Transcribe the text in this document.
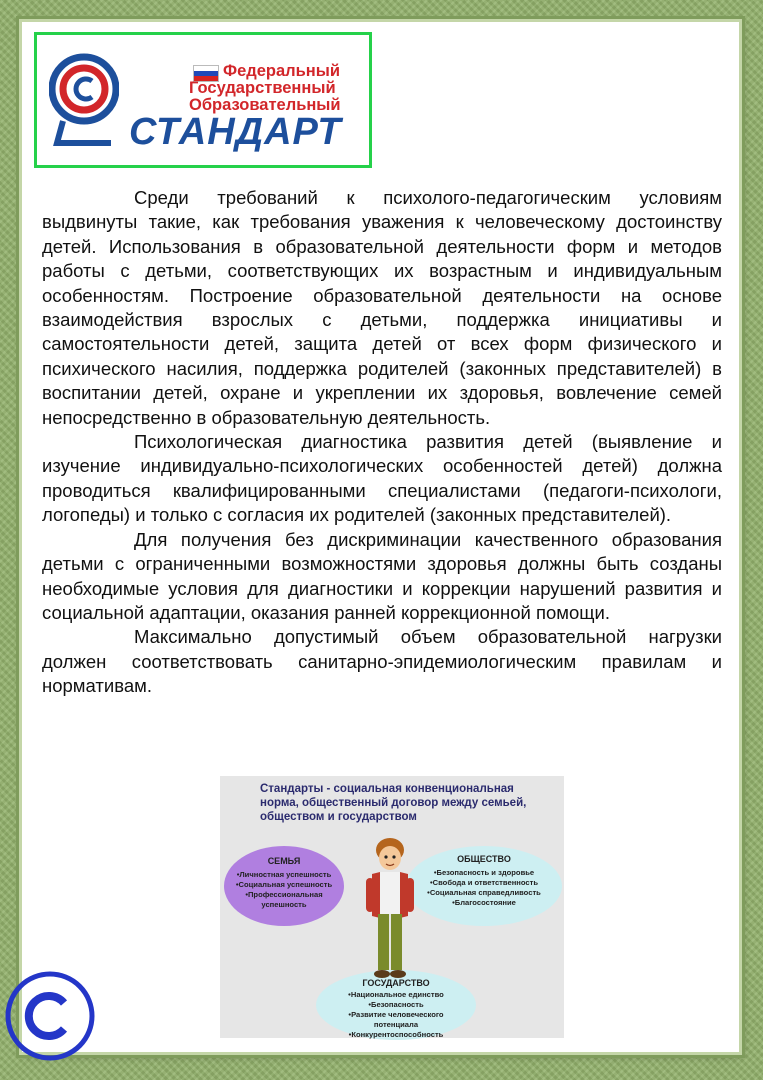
Федеральный
Государственный
Образовательный
СТАНДАРТ

Среди требований к психолого-педагогическим условиям выдвинуты такие, как требования уважения к человеческому достоинству детей. Использования в образовательной деятельности форм и методов работы с детьми, соответствующих их возрастным и индивидуальным особенностям. Построение образовательной деятельности на основе взаимодействия взрослых с детьми, поддержка инициативы и самостоятельности детей, защита детей от всех форм физического и психического насилия, поддержка родителей (законных представителей) в воспитании детей, охране и укреплении их здоровья, вовлечение семей непосредственно в образовательную деятельность.

Психологическая диагностика развития детей (выявление и изучение индивидуально-психологических особенностей детей) должна проводиться квалифицированными специалистами (педагоги-психологи, логопеды) и только с согласия их родителей (законных представителей).

Для получения без дискриминации качественного образования детьми с ограниченными возможностями здоровья должны быть созданы необходимые условия для диагностики и коррекции нарушений развития и социальной адаптации, оказания ранней коррекционной помощи.

Максимально допустимый объем образовательной нагрузки должен соответствовать санитарно-эпидемиологическим правилам и нормативам.

Стандарты - социальная конвенциональная норма, общественный договор между семьей, обществом и государством
СЕМЬЯ
•Личностная успешность
•Социальная успешность
•Профессиональная успешность
ОБЩЕСТВО
•Безопасность и здоровье
•Свобода и ответственность
•Социальная справедливость
•Благосостояние
ГОСУДАРСТВО
•Национальное единство
•Безопасность
•Развитие человеческого потенциала
•Конкурентоспособность
